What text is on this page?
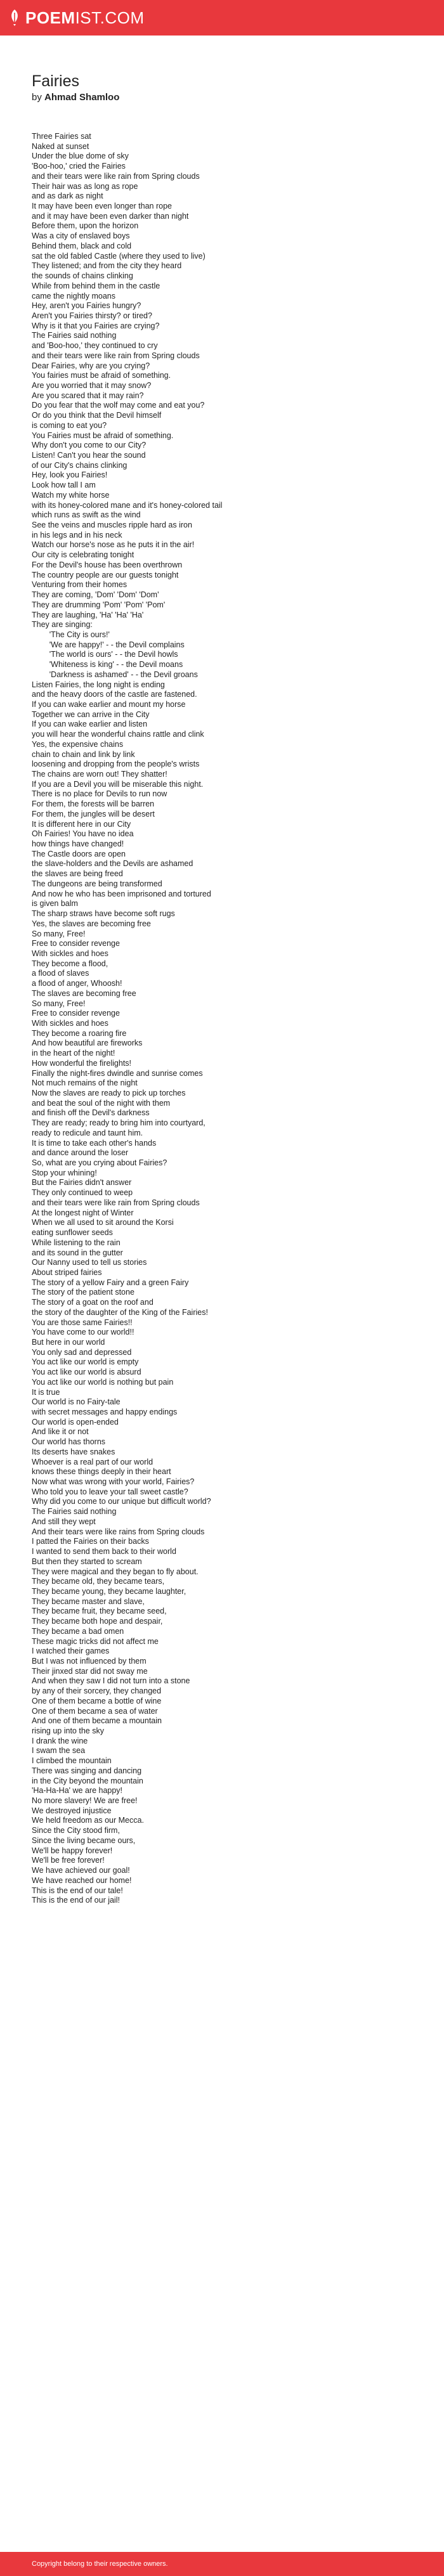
POEMIST.COM
Fairies
by Ahmad Shamloo
Three Fairies sat
Naked at sunset
Under the blue dome of sky
'Boo-hoo,' cried the Fairies
and their tears were like rain from Spring clouds
Their hair was as long as rope
and as dark as night
It may have been even longer than rope
and it may have been even darker than night
Before them, upon the horizon
Was a city of enslaved boys
Behind them, black and cold
sat the old fabled Castle (where they used to live)
They listened; and from the city they heard
the sounds of chains clinking
While from behind them in the castle
came the nightly moans
Hey, aren't you Fairies hungry?
Aren't you Fairies thirsty? or tired?
Why is it that you Fairies are crying?
The Fairies said nothing
and 'Boo-hoo,' they continued to cry
and their tears were like rain from Spring clouds
Dear Fairies, why are you crying?
You fairies must be afraid of something.
Are you worried that it may snow?
Are you scared that it may rain?
Do you fear that the wolf may come and eat you?
Or do you think that the Devil himself
is coming to eat you?
You Fairies must be afraid of something.
Why don't you come to our City?
Listen! Can't you hear the sound
of our City's chains clinking
Hey, look you Fairies!
Look how tall I am
Watch my white horse
with its honey-colored mane and it's honey-colored tail
which runs as swift as the wind
See the veins and muscles ripple hard as iron
in his legs and in his neck
Watch our horse's nose as he puts it in the air!
Our city is celebrating tonight
For the Devil's house has been overthrown
The country people are our guests tonight
Venturing from their homes
They are coming, 'Dom' 'Dom' 'Dom'
They are drumming 'Pom' 'Pom' 'Pom'
They are laughing, 'Ha' 'Ha' 'Ha'
They are singing:
'The City is ours!'
'We are happy!' - - the Devil complains
'The world is ours' - - the Devil howls
'Whiteness is king' - - the Devil moans
'Darkness is ashamed' - - the Devil groans
Listen Fairies, the long night is ending
and the heavy doors of the castle are fastened.
If you can wake earlier and mount my horse
Together we can arrive in the City
If you can wake earlier and listen
you will hear the wonderful chains rattle and clink
Yes, the expensive chains
chain to chain and link by link
loosening and dropping from the people's wrists
The chains are worn out! They shatter!
If you are a Devil you will be miserable this night.
There is no place for Devils to run now
For them, the forests will be barren
For them, the jungles will be desert
It is different here in our City
Oh Fairies! You have no idea
how things have changed!
The Castle doors are open
the slave-holders and the Devils are ashamed
the slaves are being freed
The dungeons are being transformed
And now he who has been imprisoned and tortured
is given balm
The sharp straws have become soft rugs
Yes, the slaves are becoming free
So many, Free!
Free to consider revenge
With sickles and hoes
They become a flood,
a flood of slaves
a flood of anger, Whoosh!
The slaves are becoming free
So many, Free!
Free to consider revenge
With sickles and hoes
They become a roaring fire
And how beautiful are fireworks
in the heart of the night!
How wonderful the firelights!
Finally the night-fires dwindle and sunrise comes
Not much remains of the night
Now the slaves are ready to pick up torches
and beat the soul of the night with them
and finish off the Devil's darkness
They are ready; ready to bring him into courtyard,
ready to redicule and taunt him.
It is time to take each other's hands
and dance around the loser
So, what are you crying about Fairies?
Stop your whining!
But the Fairies didn't answer
They only continued to weep
and their tears were like rain from Spring clouds
At the longest night of Winter
When we all used to sit around the Korsi
eating sunflower seeds
While listening to the rain
and its sound in the gutter
Our Nanny used to tell us stories
About striped fairies
The story of a yellow Fairy and a green Fairy
The story of the patient stone
The story of a goat on the roof and
the story of the daughter of the King of the Fairies!
You are those same Fairies!!
You have come to our world!!
But here in our world
You only sad and depressed
You act like our world is empty
You act like our world is absurd
You act like our world is nothing but pain
It is true
Our world is no Fairy-tale
with secret messages and happy endings
Our world is open-ended
And like it or not
Our world has thorns
Its deserts have snakes
Whoever is a real part of our world
knows these things deeply in their heart
Now what was wrong with your world, Fairies?
Who told you to leave your tall sweet castle?
Why did you come to our unique but difficult world?
The Fairies said nothing
And still they wept
And their tears were like rains from Spring clouds
I patted the Fairies on their backs
I wanted to send them back to their world
But then they started to scream
They were magical and they began to fly about.
They became old, they became tears,
They became young, they became laughter,
They became master and slave,
They became fruit, they became seed,
They became both hope and despair,
They became a bad omen
These magic tricks did not affect me
I watched their games
But I was not influenced by them
Their jinxed star did not sway me
And when they saw I did not turn into a stone
by any of their sorcery, they changed
One of them became a bottle of wine
One of them became a sea of water
And one of them became a mountain
rising up into the sky
I drank the wine
I swam the sea
I climbed the mountain
There was singing and dancing
in the City beyond the mountain
'Ha-Ha-Ha' we are happy!
No more slavery! We are free!
We destroyed injustice
We held freedom as our Mecca.
Since the City stood firm,
Since the living became ours,
We'll be happy forever!
We'll be free forever!
We have achieved our goal!
We have reached our home!
This is the end of our tale!
This is the end of our jail!
Copyright belong to their respective owners.
